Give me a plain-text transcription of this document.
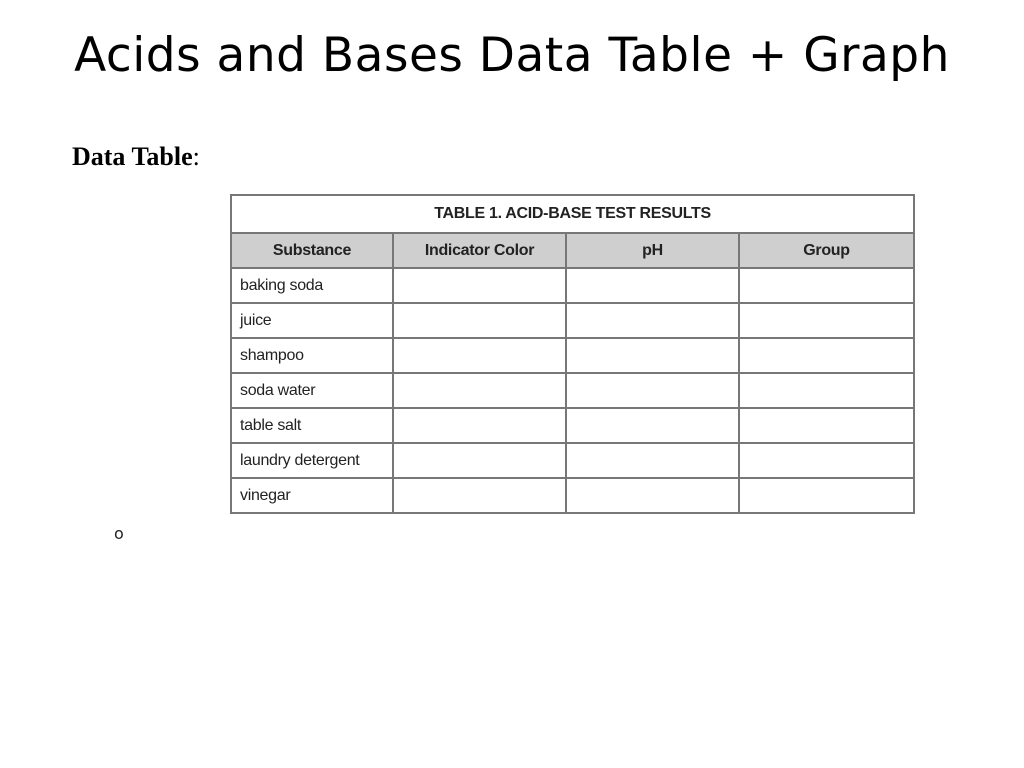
Acids and Bases Data Table + Graph
Data Table:
TABLE 1. ACID-BASE TEST RESULTS			
Substance	Indicator Color	pH	Group
baking soda			
juice			
shampoo			
soda water			
table salt			
laundry detergent			
vinegar			
o
